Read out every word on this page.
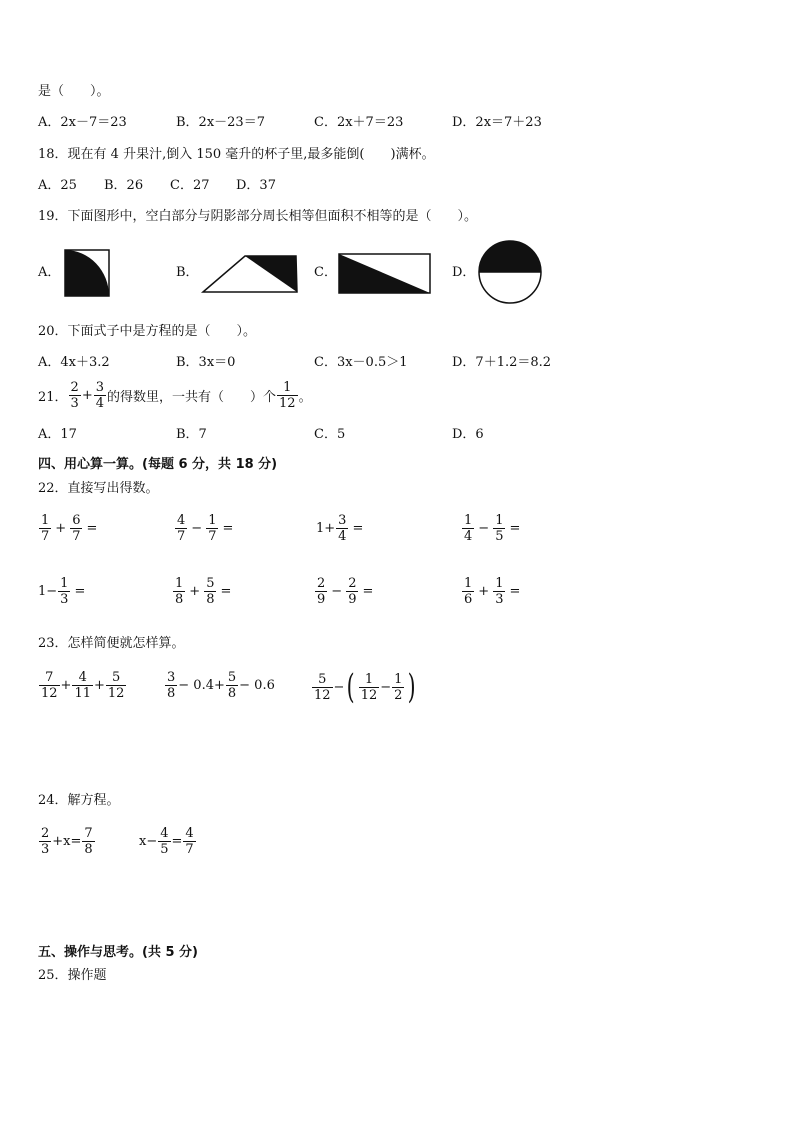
是（　　）。
A．2x－7＝23	B．2x－23＝7	C．2x＋7＝23	D．2x＝7＋23
18．现在有 4 升果汁,倒入 150 毫升的杯子里,最多能倒(　　)满杯。
A．25 B．26 C．27 D．37
19．下面图形中，空白部分与阴影部分周长相等但面积不相等的是（　　）。
A．	B．	C．	D．
20．下面式子中是方程的是（　　）。
A．4x＋3.2	B．3x＝0	C．3x－0.5＞1	D．7＋1.2＝8.2
21． $\frac{2}{3} + \frac{3}{4}$ 的得数里，一共有（　　）个 $\frac{1}{12}$ 。
A．17	B．7	C．5	D．6
四、用心算一算。(每题 6 分，共 18 分)
22．直接写出得数。
$\frac{1}{7} + \frac{6}{7}$ =	$\frac{4}{7} - \frac{1}{7}$ =	$1+ \frac{3}{4}$ =	$\frac{1}{4} - \frac{1}{5}$ =
$1- \frac{1}{3}$ =	$\frac{1}{8} + \frac{5}{8}$ =	$\frac{2}{9} - \frac{2}{9}$ =	$\frac{1}{6} + \frac{1}{3}$ =
23．怎样简便就怎样算。
$\frac{7}{12} + \frac{4}{11} + \frac{5}{12}$	$\frac{3}{8} - 0.4+ \frac{5}{8} - 0.6$	$\frac{5}{12}$ − ( $\frac{1}{12} - \frac{1}{2}$ )
24．解方程。
$\frac{2}{3} +x= \frac{7}{8}$	$x- \frac{4}{5} = \frac{4}{7}$
五、操作与思考。(共 5 分)
25．操作题
